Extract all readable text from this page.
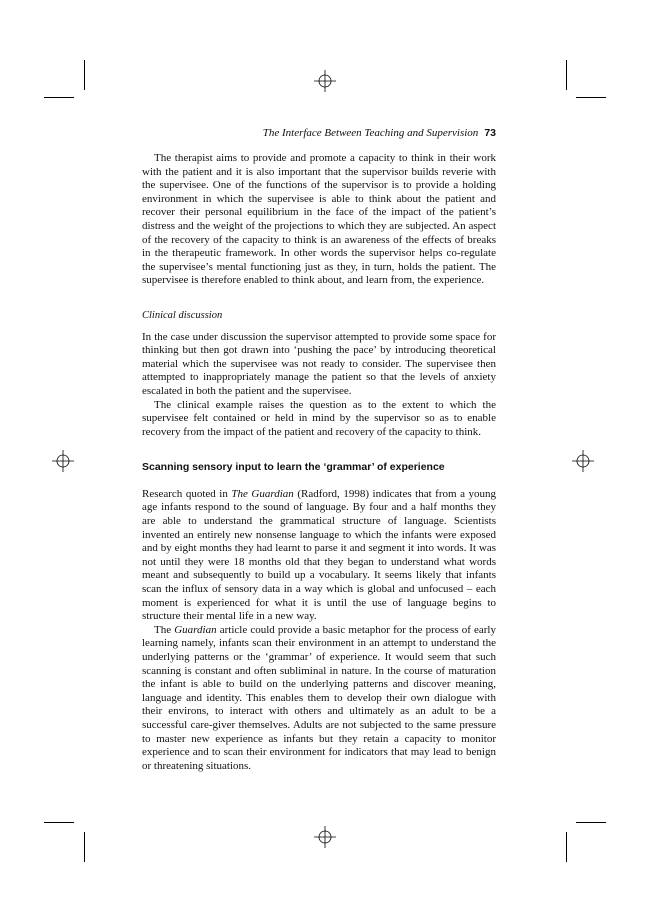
The Interface Between Teaching and Supervision 73

The therapist aims to provide and promote a capacity to think in their work with the patient and it is also important that the supervisor builds reverie with the supervisee. One of the functions of the supervisor is to provide a holding environment in which the supervisee is able to think about the patient and recover their personal equilibrium in the face of the impact of the patient’s distress and the weight of the projections to which they are subjected. An aspect of the recovery of the capacity to think is an awareness of the effects of breaks in the therapeutic framework. In other words the supervisor helps co-regulate the supervisee’s mental functioning just as they, in turn, holds the patient. The supervisee is therefore enabled to think about, and learn from, the experience.

Clinical discussion

In the case under discussion the supervisor attempted to provide some space for thinking but then got drawn into ‘pushing the pace’ by introducing theoretical material which the supervisee was not ready to consider. The supervisee then attempted to inappropriately manage the patient so that the levels of anxiety escalated in both the patient and the supervisee.

The clinical example raises the question as to the extent to which the supervisee felt contained or held in mind by the supervisor so as to enable recovery from the impact of the patient and recovery of the capacity to think.

Scanning sensory input to learn the ‘grammar’ of experience

Research quoted in The Guardian (Radford, 1998) indicates that from a young age infants respond to the sound of language. By four and a half months they are able to understand the grammatical structure of language. Scientists invented an entirely new nonsense language to which the infants were exposed and by eight months they had learnt to parse it and segment it into words. It was not until they were 18 months old that they began to understand what words meant and subsequently to build up a vocabulary. It seems likely that infants scan the influx of sensory data in a way which is global and unfocused – each moment is experienced for what it is until the use of language begins to structure their mental life in a new way.

The Guardian article could provide a basic metaphor for the process of early learning namely, infants scan their environment in an attempt to understand the underlying patterns or the ‘grammar’ of experience. It would seem that such scanning is constant and often subliminal in nature. In the course of maturation the infant is able to build on the underlying patterns and discover meaning, language and identity. This enables them to develop their own dialogue with their environs, to interact with others and ultimately as an adult to be a successful care-giver themselves. Adults are not subjected to the same pressure to master new experience as infants but they retain a capacity to monitor experience and to scan their environment for indicators that may lead to benign or threatening situations.
